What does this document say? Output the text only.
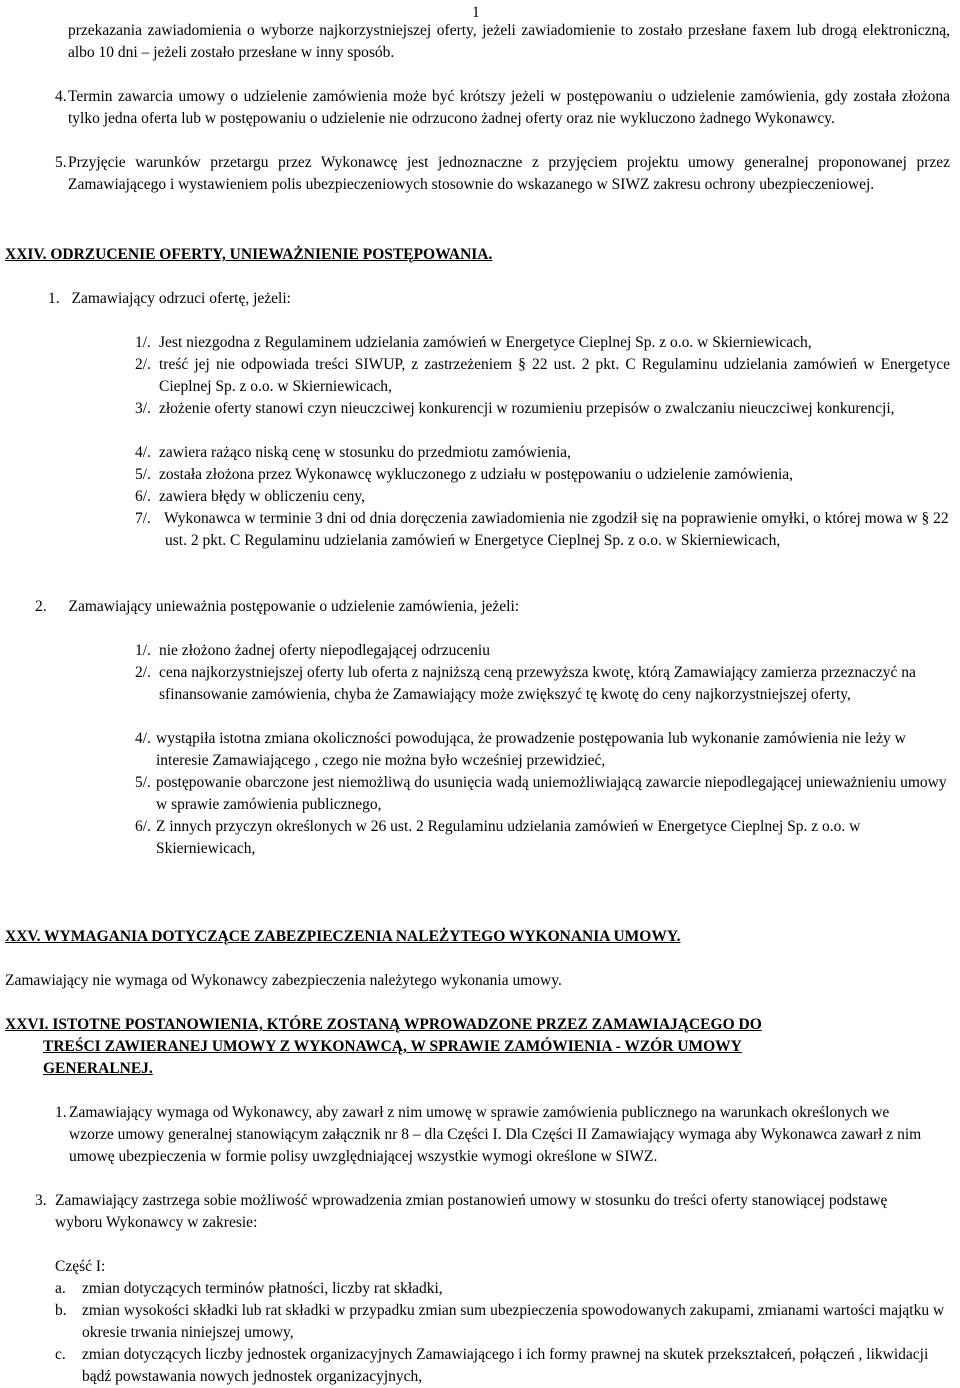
1

przekazania zawiadomienia o wyborze najkorzystniejszej oferty, jeżeli zawiadomienie to zostało przesłane faxem lub drogą elektroniczną, albo 10 dni – jeżeli zostało przesłane w inny sposób.

4. Termin zawarcia umowy o udzielenie zamówienia może być krótszy jeżeli w postępowaniu o udzielenie zamówienia, gdy została złożona tylko jedna oferta lub w postępowaniu o udzielenie nie odrzucono żadnej oferty oraz nie wykluczono żadnego Wykonawcy.
5. Przyjęcie warunków przetargu przez Wykonawcę jest jednoznaczne z przyjęciem projektu umowy generalnej proponowanej przez Zamawiającego i wystawieniem polis ubezpieczeniowych stosownie do wskazanego w SIWZ zakresu ochrony ubezpieczeniowej.
XXIV. ODRZUCENIE OFERTY, UNIEWAŻNIENIE POSTĘPOWANIA.
1. Zamawiający odrzuci ofertę, jeżeli:
1/. Jest niezgodna z Regulaminem udzielania zamówień w Energetyce Cieplnej Sp. z o.o. w Skierniewicach,
2/. treść jej nie odpowiada treści SIWUP, z zastrzeżeniem § 22 ust. 2 pkt. C Regulaminu udzielania zamówień w Energetyce Cieplnej Sp. z o.o. w Skierniewicach,
3/. złożenie oferty stanowi czyn nieuczciwej konkurencji w rozumieniu przepisów o zwalczaniu nieuczciwej konkurencji,
4/. zawiera rażąco niską cenę w stosunku do przedmiotu zamówienia,
5/. została złożona przez Wykonawcę wykluczonego z udziału w postępowaniu o udzielenie zamówienia,
6/. zawiera błędy w obliczeniu ceny,
7/. Wykonawca w terminie 3 dni od dnia doręczenia zawiadomienia nie zgodził się na poprawienie omyłki, o której mowa w § 22 ust. 2 pkt. C Regulaminu udzielania zamówień w Energetyce Cieplnej Sp. z o.o. w Skierniewicach,
2. Zamawiający unieważnia postępowanie o udzielenie zamówienia, jeżeli:
1/. nie złożono żadnej oferty niepodlegającej odrzuceniu
2/. cena najkorzystniejszej oferty lub oferta z najniższą ceną przewyższa kwotę, którą Zamawiający zamierza przeznaczyć na sfinansowanie zamówienia, chyba że Zamawiający może zwiększyć tę kwotę do ceny najkorzystniejszej oferty,
4/. wystąpiła istotna zmiana okoliczności powodująca, że prowadzenie postępowania lub wykonanie zamówienia nie leży w interesie Zamawiającego , czego nie można było wcześniej przewidzieć,
5/. postępowanie obarczone jest niemożliwą do usunięcia wadą uniemożliwiającą zawarcie niepodlegającej unieważnieniu umowy w sprawie zamówienia publicznego,
6/. Z innych przyczyn określonych w 26 ust. 2 Regulaminu udzielania zamówień w Energetyce Cieplnej Sp. z o.o. w Skierniewicach,
XXV. WYMAGANIA DOTYCZĄCE ZABEZPIECZENIA NALEŻYTEGO WYKONANIA UMOWY.
Zamawiający nie wymaga od Wykonawcy zabezpieczenia należytego wykonania umowy.
XXVI. ISTOTNE POSTANOWIENIA, KTÓRE ZOSTANĄ WPROWADZONE PRZEZ ZAMAWIAJĄCEGO DO
TREŚCI ZAWIERANEJ UMOWY Z WYKONAWCĄ, W SPRAWIE ZAMÓWIENIA - WZÓR UMOWY
GENERALNEJ.
1. Zamawiający wymaga od Wykonawcy, aby zawarł z nim umowę w sprawie zamówienia publicznego na warunkach określonych we wzorze umowy generalnej stanowiącym załącznik nr 8 – dla Części I. Dla Części II Zamawiający wymaga aby Wykonawca zawarł z nim umowę ubezpieczenia w formie polisy uwzględniającej wszystkie wymogi określone w SIWZ.
3. Zamawiający zastrzega sobie możliwość wprowadzenia zmian postanowień umowy w stosunku do treści oferty stanowiącej podstawę wyboru Wykonawcy w zakresie:
Część I:
a. zmian dotyczących terminów płatności, liczby rat składki,
b. zmian wysokości składki lub rat składki w przypadku zmian sum ubezpieczenia spowodowanych zakupami, zmianami wartości majątku w okresie trwania niniejszej umowy,
c. zmian dotyczących liczby jednostek organizacyjnych Zamawiającego i ich formy prawnej na skutek przekształceń, połączeń , likwidacji bądź powstawania nowych jednostek organizacyjnych,
